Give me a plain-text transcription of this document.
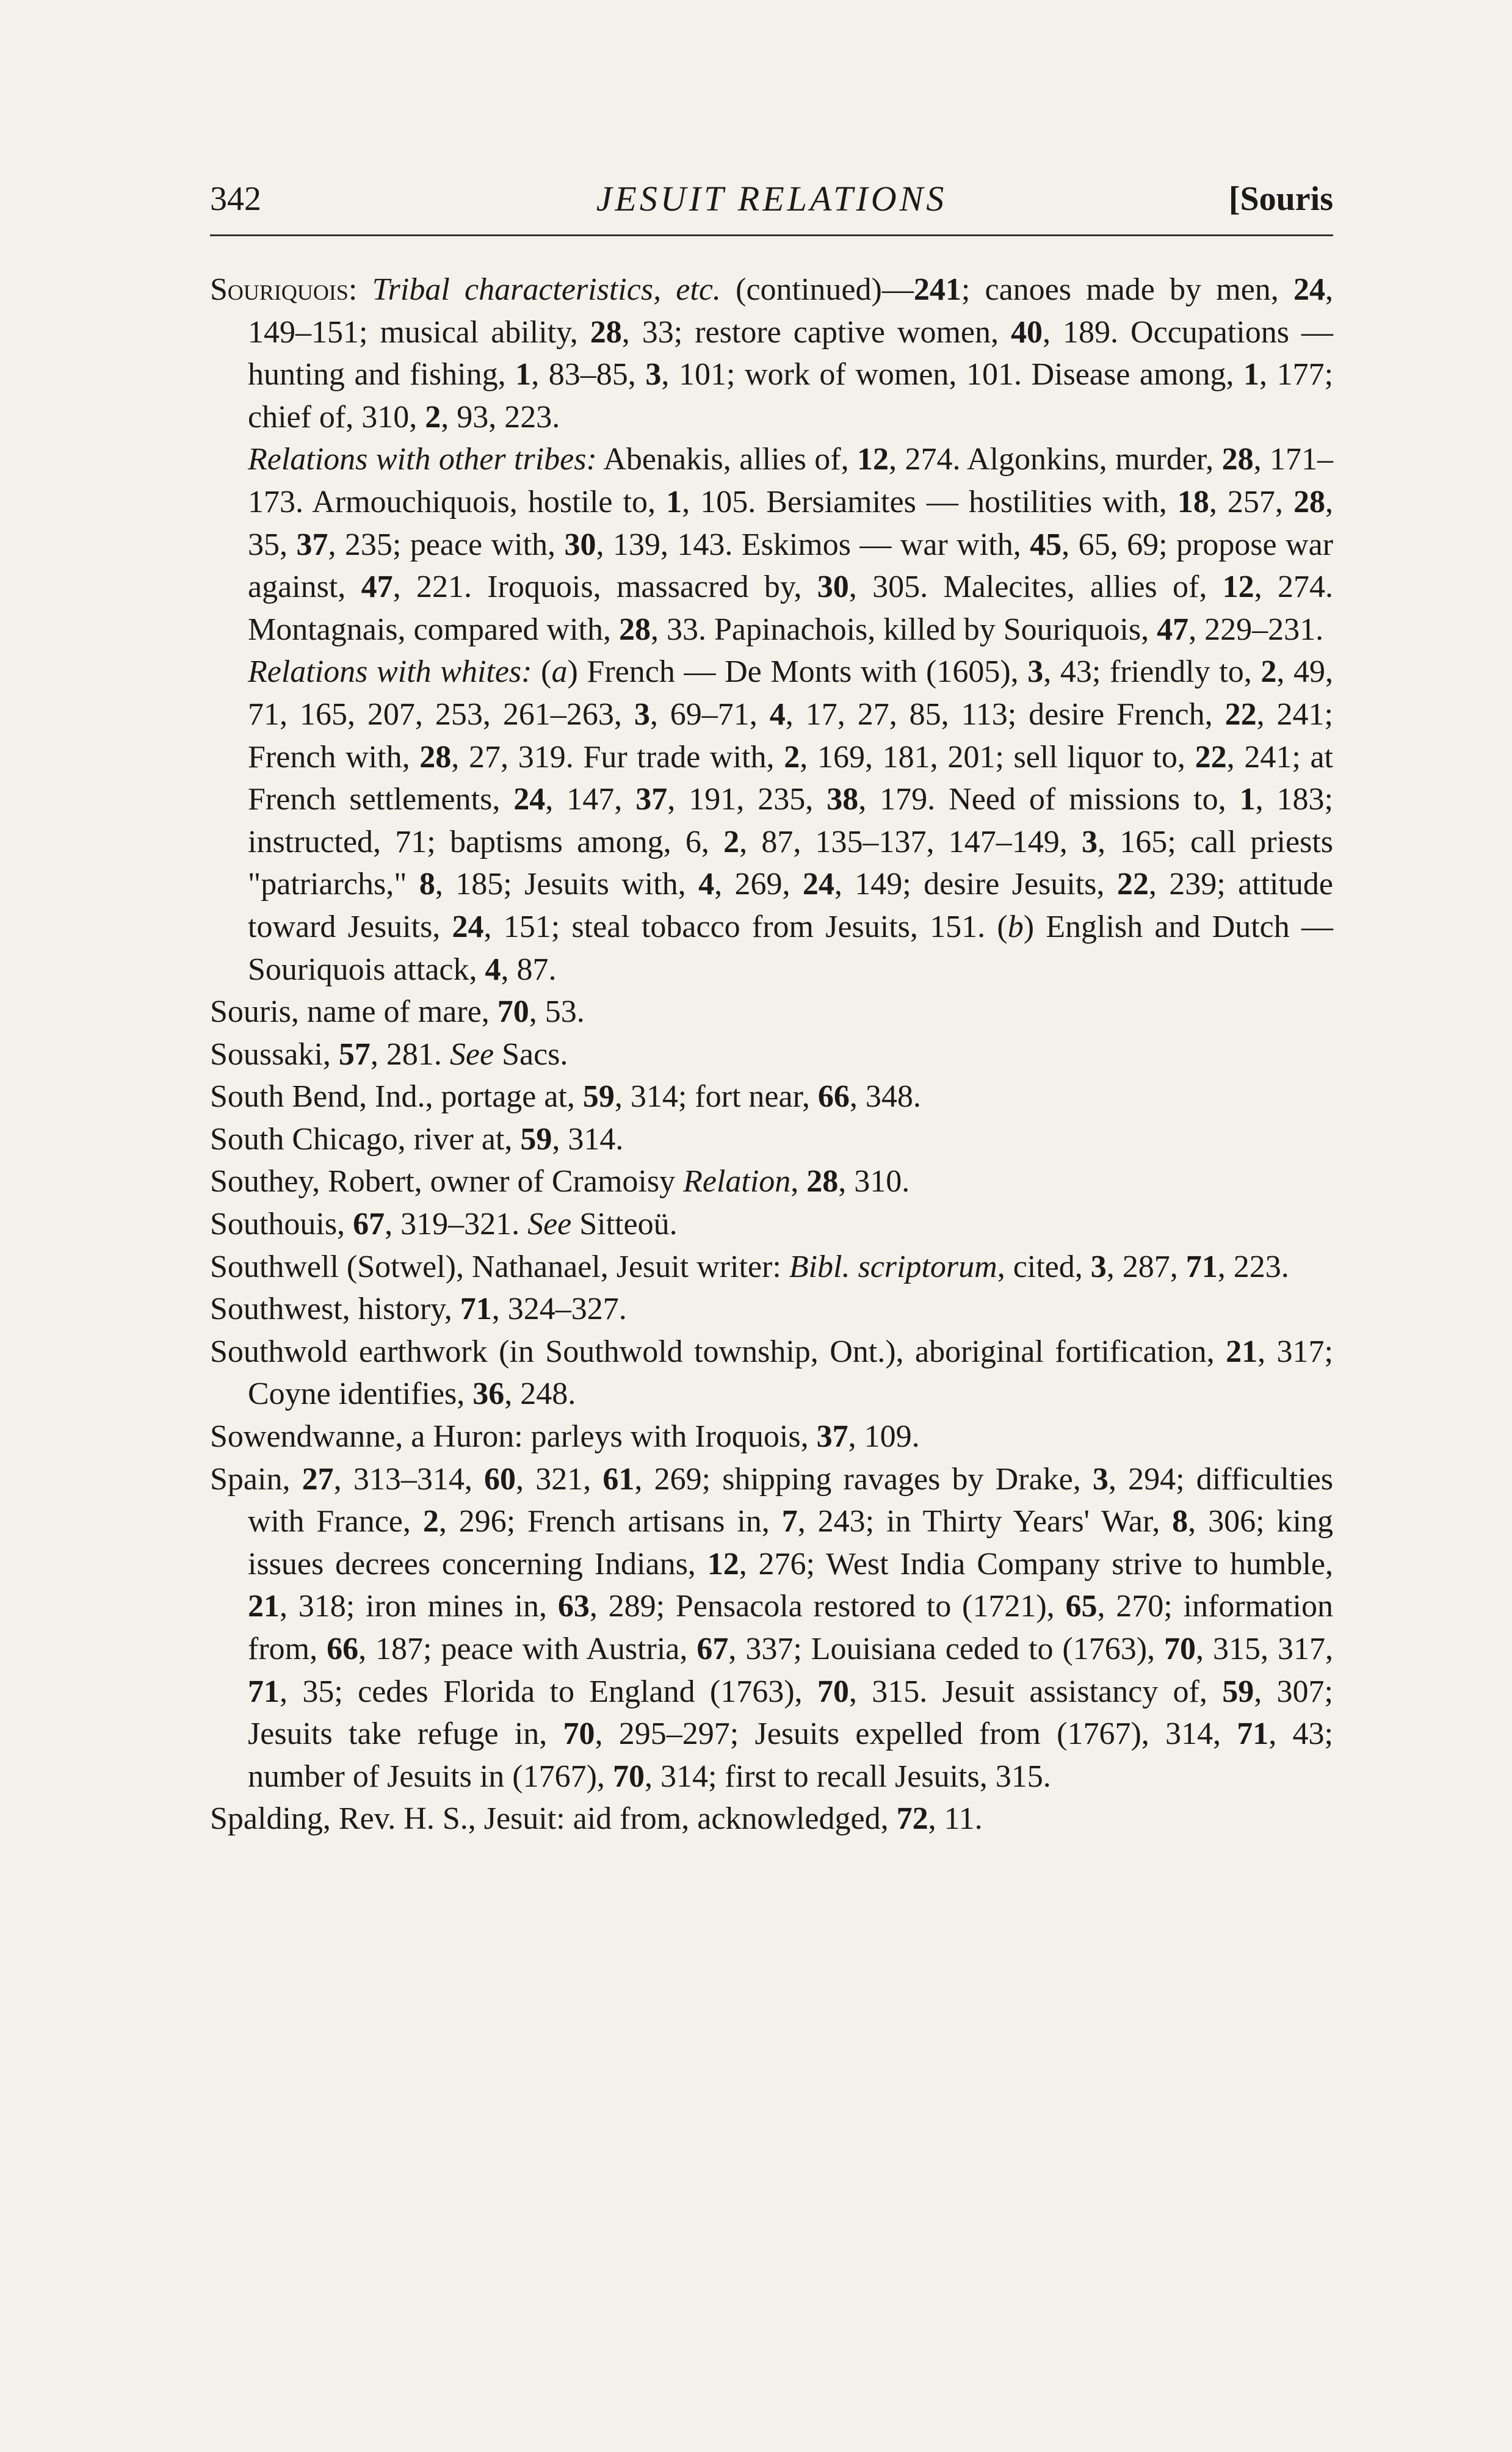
342	JESUIT RELATIONS	[Souris

Souriquois: Tribal characteristics, etc. (continued)—241; canoes made by men, 24, 149–151; musical ability, 28, 33; restore captive women, 40, 189. Occupations — hunting and fishing, 1, 83–85, 3, 101; work of women, 101. Disease among, 1, 177; chief of, 310, 2, 93, 223.

Relations with other tribes: Abenakis, allies of, 12, 274. Algonkins, murder, 28, 171–173. Armouchiquois, hostile to, 1, 105. Bersiamites — hostilities with, 18, 257, 28, 35, 37, 235; peace with, 30, 139, 143. Eskimos — war with, 45, 65, 69; propose war against, 47, 221. Iroquois, massacred by, 30, 305. Malecites, allies of, 12, 274. Montagnais, compared with, 28, 33. Papinachois, killed by Souriquois, 47, 229–231.

Relations with whites: (a) French — De Monts with (1605), 3, 43; friendly to, 2, 49, 71, 165, 207, 253, 261–263, 3, 69–71, 4, 17, 27, 85, 113; desire French, 22, 241; French with, 28, 27, 319. Fur trade with, 2, 169, 181, 201; sell liquor to, 22, 241; at French settlements, 24, 147, 37, 191, 235, 38, 179. Need of missions to, 1, 183; instructed, 71; baptisms among, 6, 2, 87, 135–137, 147–149, 3, 165; call priests "patriarchs," 8, 185; Jesuits with, 4, 269, 24, 149; desire Jesuits, 22, 239; attitude toward Jesuits, 24, 151; steal tobacco from Jesuits, 151. (b) English and Dutch — Souriquois attack, 4, 87.

Souris, name of mare, 70, 53.

Soussaki, 57, 281. See Sacs.

South Bend, Ind., portage at, 59, 314; fort near, 66, 348.

South Chicago, river at, 59, 314.

Southey, Robert, owner of Cramoisy Relation, 28, 310.

Southouis, 67, 319–321. See Sitteoü.

Southwell (Sotwel), Nathanael, Jesuit writer: Bibl. scriptorum, cited, 3, 287, 71, 223.

Southwest, history, 71, 324–327.

Southwold earthwork (in Southwold township, Ont.), aboriginal fortification, 21, 317; Coyne identifies, 36, 248.

Sowendwanne, a Huron: parleys with Iroquois, 37, 109.

Spain, 27, 313–314, 60, 321, 61, 269; shipping ravages by Drake, 3, 294; difficulties with France, 2, 296; French artisans in, 7, 243; in Thirty Years' War, 8, 306; king issues decrees concerning Indians, 12, 276; West India Company strive to humble, 21, 318; iron mines in, 63, 289; Pensacola restored to (1721), 65, 270; information from, 66, 187; peace with Austria, 67, 337; Louisiana ceded to (1763), 70, 315, 317, 71, 35; cedes Florida to England (1763), 70, 315. Jesuit assistancy of, 59, 307; Jesuits take refuge in, 70, 295–297; Jesuits expelled from (1767), 314, 71, 43; number of Jesuits in (1767), 70, 314; first to recall Jesuits, 315.

Spalding, Rev. H. S., Jesuit: aid from, acknowledged, 72, 11.
